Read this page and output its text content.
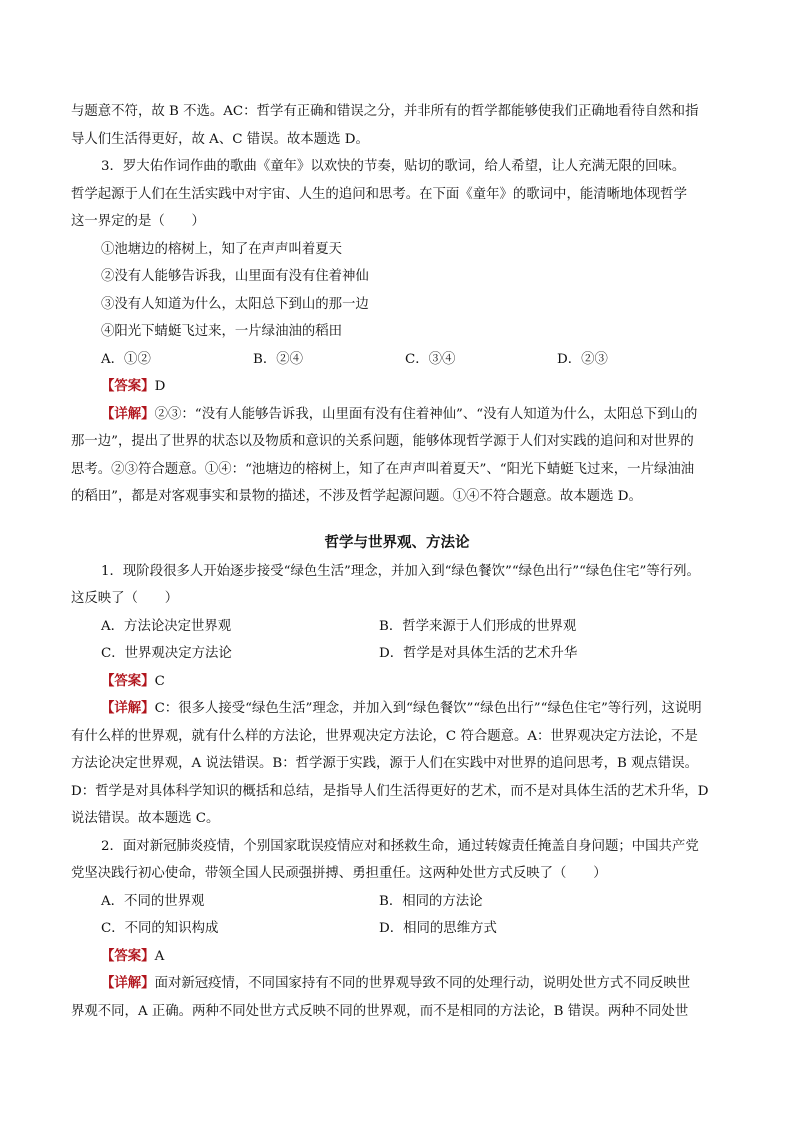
与题意不符，故 B 不选。AC：哲学有正确和错误之分，并非所有的哲学都能够使我们正确地看待自然和指

导人们生活得更好，故 A、C 错误。故本题选 D。

3．罗大佑作词作曲的歌曲《童年》以欢快的节奏，贴切的歌词，给人希望，让人充满无限的回味。

哲学起源于人们在生活实践中对宇宙、人生的追问和思考。在下面《童年》的歌词中，能清晰地体现哲学

这一界定的是（　　）

①池塘边的榕树上，知了在声声叫着夏天

②没有人能够告诉我，山里面有没有住着神仙

③没有人知道为什么，太阳总下到山的那一边

④阳光下蜻蜓飞过来，一片绿油油的稻田

A．①②	B．②④	C．③④	D．②③

【答案】D

【详解】②③：“没有人能够告诉我，山里面有没有住着神仙”、“没有人知道为什么，太阳总下到山的

那一边”，提出了世界的状态以及物质和意识的关系问题，能够体现哲学源于人们对实践的追问和对世界的

思考。②③符合题意。①④：“池塘边的榕树上，知了在声声叫着夏天”、“阳光下蜻蜓飞过来，一片绿油油

的稻田”，都是对客观事实和景物的描述，不涉及哲学起源问题。①④不符合题意。故本题选 D。

哲学与世界观、方法论

1．现阶段很多人开始逐步接受“绿色生活”理念，并加入到“绿色餐饮”“绿色出行”“绿色住宅”等行列。

这反映了（　　）

A．方法论决定世界观	B．哲学来源于人们形成的世界观
C．世界观决定方法论	D．哲学是对具体生活的艺术升华

【答案】C

【详解】C：很多人接受“绿色生活”理念，并加入到“绿色餐饮”“绿色出行”“绿色住宅”等行列，这说明

有什么样的世界观，就有什么样的方法论，世界观决定方法论，C 符合题意。A：世界观决定方法论，不是

方法论决定世界观，A 说法错误。B：哲学源于实践，源于人们在实践中对世界的追问思考，B 观点错误。

D：哲学是对具体科学知识的概括和总结，是指导人们生活得更好的艺术，而不是对具体生活的艺术升华，D

说法错误。故本题选 C。

2．面对新冠肺炎疫情，个别国家耽误疫情应对和拯救生命，通过转嫁责任掩盖自身问题；中国共产党

党坚决践行初心使命，带领全国人民顽强拼搏、勇担重任。这两种处世方式反映了（　　）

A．不同的世界观	B．相同的方法论
C．不同的知识构成	D．相同的思维方式

【答案】A

【详解】面对新冠疫情，不同国家持有不同的世界观导致不同的处理行动，说明处世方式不同反映世

界观不同，A 正确。两种不同处世方式反映不同的世界观，而不是相同的方法论，B 错误。两种不同处世
